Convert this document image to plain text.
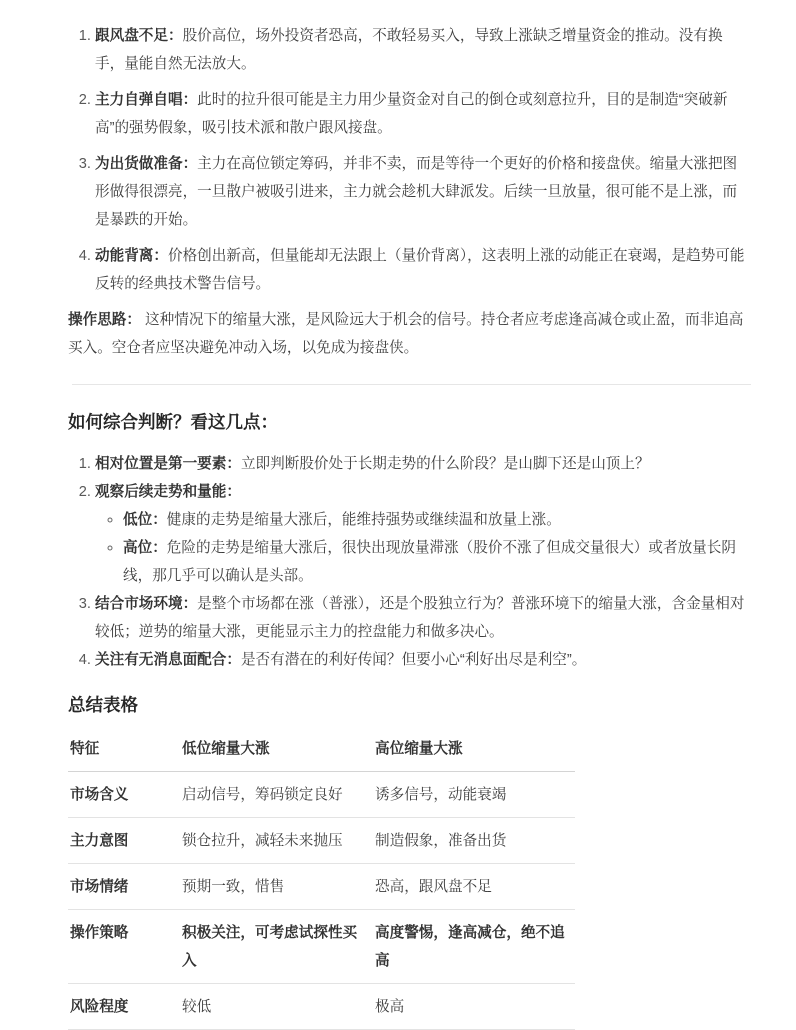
1. 跟风盘不足：股价高位，场外投资者恐高，不敢轻易买入，导致上涨缺乏增量资金的推动。没有换手，量能自然无法放大。
2. 主力自弹自唱：此时的拉升很可能是主力用少量资金对自己的倒仓或刻意拉升，目的是制造“突破新高”的强势假象，吸引技术派和散户跟风接盘。
3. 为出货做准备：主力在高位锁定筹码，并非不卖，而是等待一个更好的价格和接盘侠。缩量大涨把图形做得很漂亮，一旦散户被吸引进来，主力就会趁机大肆派发。后续一旦放量，很可能不是上涨，而是暴跌的开始。
4. 动能背离：价格创出新高，但量能却无法跟上（量价背离），这表明上涨的动能正在衰竭，是趋势可能反转的经典技术警告信号。

操作思路： 这种情况下的缩量大涨，是风险远大于机会的信号。持仓者应考虑逢高减仓或止盈，而非追高买入。空仓者应坚决避免冲动入场，以免成为接盘侠。

如何综合判断？看这几点：
1. 相对位置是第一要素：立即判断股价处于长期走势的什么阶段？是山脚下还是山顶上？
2. 观察后续走势和量能：
◦ 低位：健康的走势是缩量大涨后，能维持强势或继续温和放量上涨。
◦ 高位：危险的走势是缩量大涨后，很快出现放量滞涨（股价不涨了但成交量很大）或者放量长阴线，那几乎可以确认是头部。
3. 结合市场环境：是整个市场都在涨（普涨），还是个股独立行为？普涨环境下的缩量大涨，含金量相对较低；逆势的缩量大涨，更能显示主力的控盘能力和做多决心。
4. 关注有无消息面配合：是否有潜在的利好传闻？但要小心“利好出尽是利空”。
总结表格
特征	低位缩量大涨	高位缩量大涨
市场含义	启动信号，筹码锁定良好	诱多信号，动能衰竭
主力意图	锁仓拉升，减轻未来抛压	制造假象，准备出货
市场情绪	预期一致，惜售	恐高，跟风盘不足
操作策略	积极关注，可考虑试探性买入	高度警惕，逢高减仓，绝不追高
风险程度	较低	极高
